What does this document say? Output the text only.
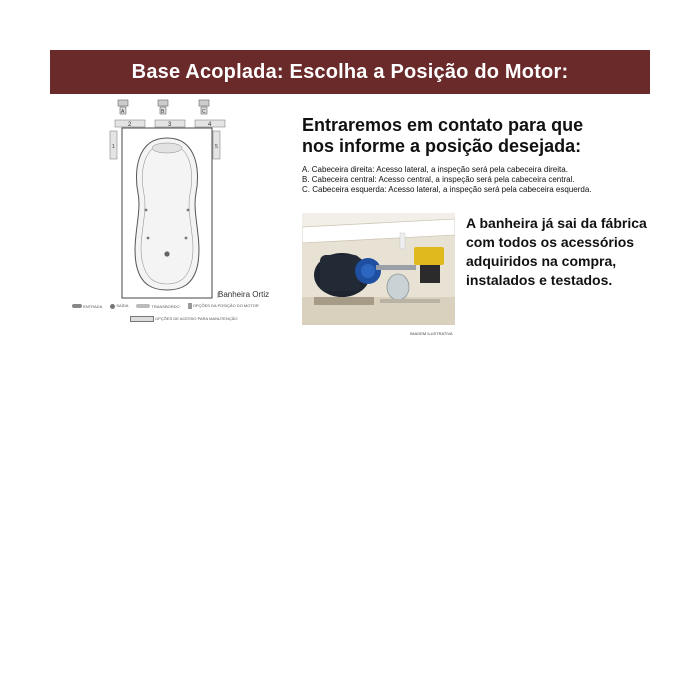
Base Acoplada: Escolha a Posição do Motor:
A	B	C
2	3	4
1	5
Banheira Ortiz
ENTRADA	SAÍDA	TRANSBORDO	OPÇÕES DA POSIÇÃO DO MOTOR
OPÇÕES DE ACESSO PARA MANUTENÇÃO
Entraremos em contato para que
nos informe a posição desejada:
A. Cabeceira direita: Acesso lateral, a inspeção será pela cabeceira direita.
B. Cabeceira central: Acesso central, a inspeção será pela cabeceira central.
C. Cabeceira esquerda: Acesso lateral, a inspeção será pela cabeceira esquerda.
IMAGEM ILUSTRATIVA
A banheira já sai da fábrica
com todos os acessórios
adquiridos na compra,
instalados e testados.
